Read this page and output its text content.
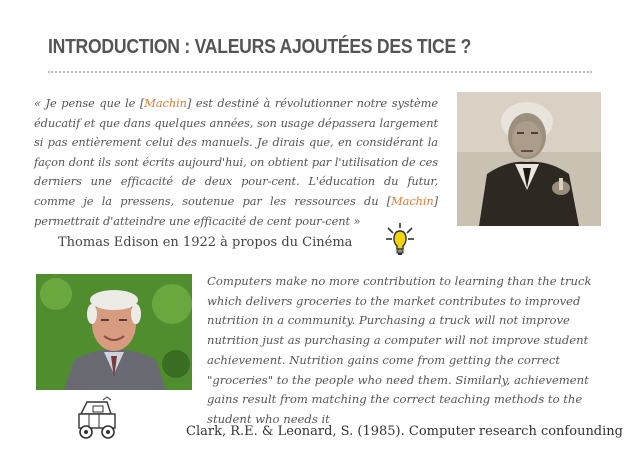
INTRODUCTION : VALEURS AJOUTÉES DES TICE ?
« Je pense que le [Machin] est destiné à révolutionner notre système éducatif et que dans quelques années, son usage dépassera largement si pas entièrement celui des manuels. Je dirais que, en considérant la façon dont ils sont écrits aujourd'hui, on obtient par l'utilisation de ces derniers une efficacité de deux pour-cent. L'éducation du futur, comme je la pressens, soutenue par les ressources du [Machin] permettrait d'atteindre une efficacité de cent pour-cent »
Thomas Edison en 1922 à propos du Cinéma
Computers make no more contribution to learning than the truck which delivers groceries to the market contributes to improved nutrition in a community. Purchasing a truck will not improve nutrition just as purchasing a computer will not improve student achievement. Nutrition gains come from getting the correct "groceries" to the people who need them. Similarly, achievement gains result from matching the correct teaching methods to the student who needs it
Clark, R.E. & Leonard, S. (1985). Computer research confounding
